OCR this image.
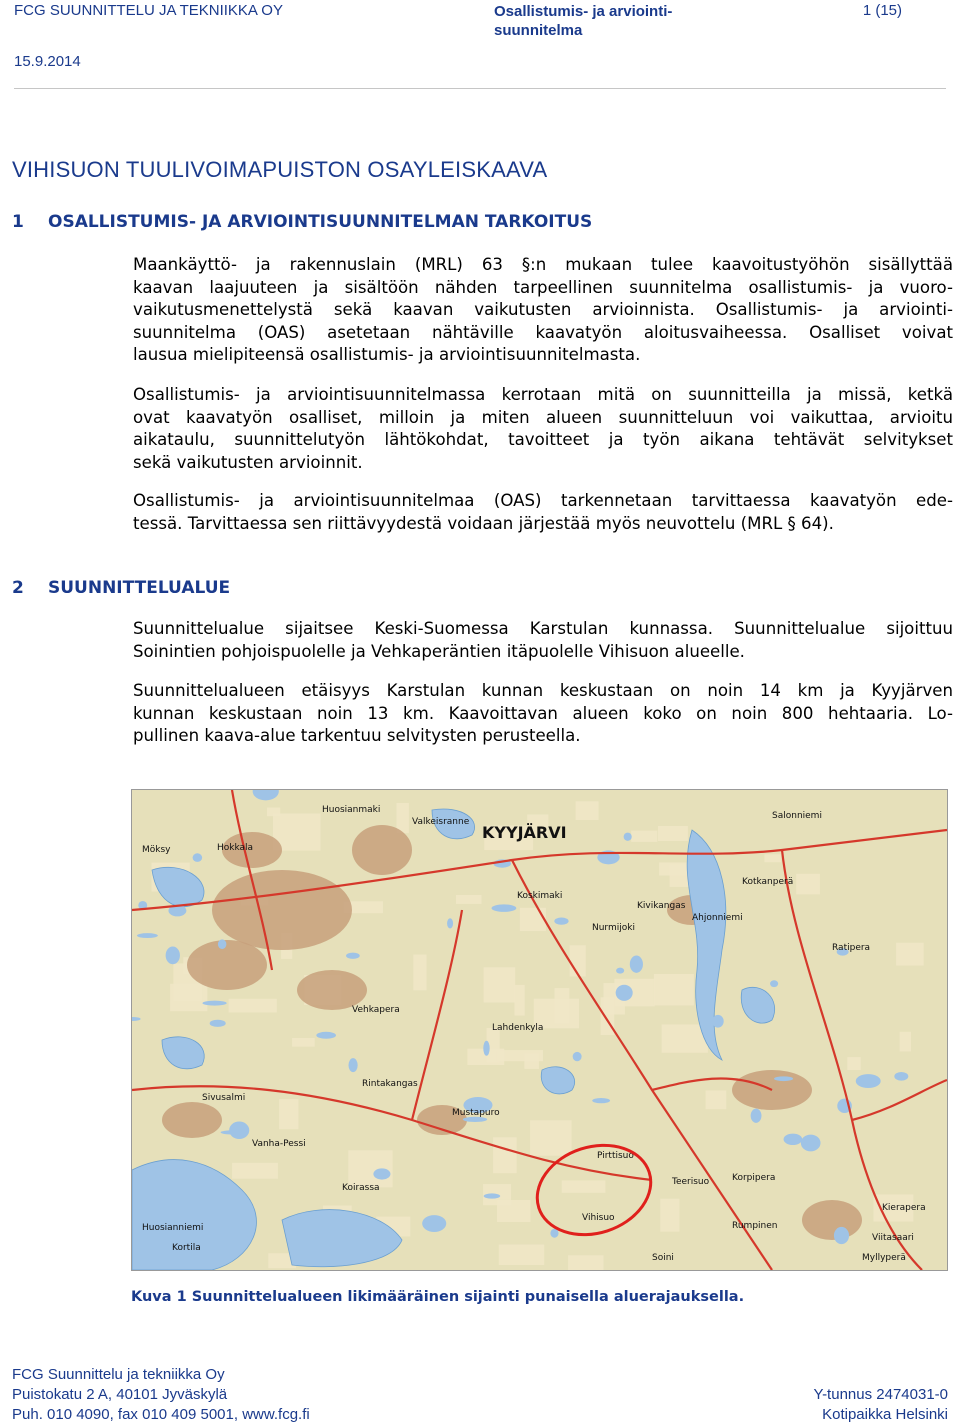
FCG SUUNNITTELU JA TEKNIIKKA OY	Osallistumis- ja arviointi-
suunnitelma
1 (15)
15.9.2014
VIHISUON TUULIVOIMAPUISTON OSAYLEISKAAVA
1 OSALLISTUMIS- JA ARVIOINTISUUNNITELMAN TARKOITUS
Maankäyttö- ja rakennuslain (MRL) 63 §:n mukaan tulee kaavoitustyöhön sisällyttää
kaavan laajuuteen ja sisältöön nähden tarpeellinen suunnitelma osallistumis- ja vuoro-
vaikutusmenettelystä sekä kaavan vaikutusten arvioinnista. Osallistumis- ja arviointi-
suunnitelma (OAS) asetetaan nähtäville kaavatyön aloitusvaiheessa. Osalliset voivat
lausua mielipiteensä osallistumis- ja arviointisuunnitelmasta.
Osallistumis- ja arviointisuunnitelmassa kerrotaan mitä on suunnitteilla ja missä, ketkä
ovat kaavatyön osalliset, milloin ja miten alueen suunnitteluun voi vaikuttaa, arvioitu
aikataulu, suunnittelutyön lähtökohdat, tavoitteet ja työn aikana tehtävät selvitykset
sekä vaikutusten arvioinnit.
Osallistumis- ja arviointisuunnitelmaa (OAS) tarkennetaan tarvittaessa kaavatyön ede-
tessä. Tarvittaessa sen riittävyydestä voidaan järjestää myös neuvottelu (MRL § 64).
2 SUUNNITTELUALUE
Suunnittelualue sijaitsee Keski-Suomessa Karstulan kunnassa. Suunnittelualue sijoittuu
Soinintien pohjoispuolelle ja Vehkaperäntien itäpuolelle Vihisuon alueelle.
Suunnittelualueen etäisyys Karstulan kunnan keskustaan on noin 14 km ja Kyyjärven
kunnan keskustaan noin 13 km. Kaavoittavan alueen koko on noin 800 hehtaaria. Lo-
pullinen kaava-alue tarkentuu selvitysten perusteella.
Huosianmaki
Valkeisranne
Salonniemi
Möksy	Hokkala
KYYJÄRVI
Kotkanperä
Koskimaki
Kivikangas
Ahjonniemi
Nurmijoki
Ratipera
Vehkapera
Lahdenkyla
Rintakangas
Sivusalmi
Vanha-Pessi
Mustapuro
Koirassa
Kortila
Pirttisuo
Korpipera
Rumpinen
Kierapera
Vihisuo
Teerisuo
Huosianniemi
Viitasaari
Myllyperä
Soini
Kuva 1 Suunnittelualueen likimääräinen sijainti punaisella aluerajauksella.
FCG Suunnittelu ja tekniikka Oy
Puistokatu 2 A, 40101 Jyväskylä	Y-tunnus 2474031-0
Puh. 010 4090, fax 010 409 5001, www.fcg.fi	Kotipaikka Helsinki
